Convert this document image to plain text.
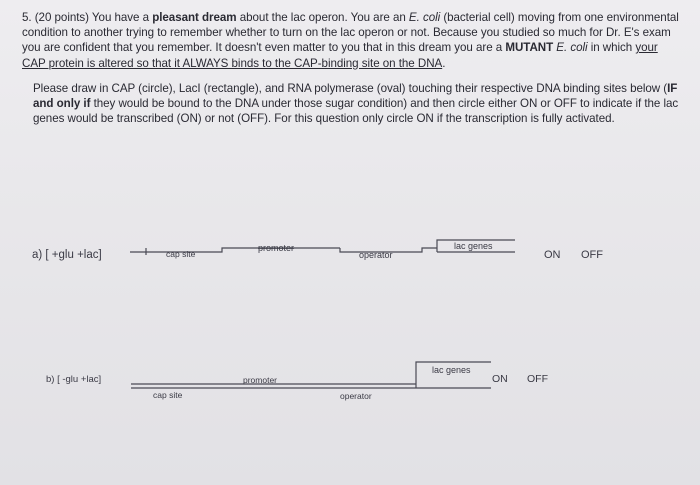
5. (20 points) You have a pleasant dream about the lac operon. You are an E. coli (bacterial cell) moving from one environmental condition to another trying to remember whether to turn on the lac operon or not. Because you studied so much for Dr. E's exam you are confident that you remember. It doesn't even matter to you that in this dream you are a MUTANT E. coli in which your CAP protein is altered so that it ALWAYS binds to the CAP-binding site on the DNA.

Please draw in CAP (circle), LacI (rectangle), and RNA polymerase (oval) touching their respective DNA binding sites below (IF and only if they would be bound to the DNA under those sugar condition) and then circle either ON or OFF to indicate if the lac genes would be transcribed (ON) or not (OFF). For this question only circle ON if the transcription is fully activated.

a) [ +glu +lac]	cap site
promoter
operator
lac genes
ON OFF
b) [ -glu +lac]
cap site
promoter
operator
lac genes
ON OFF
